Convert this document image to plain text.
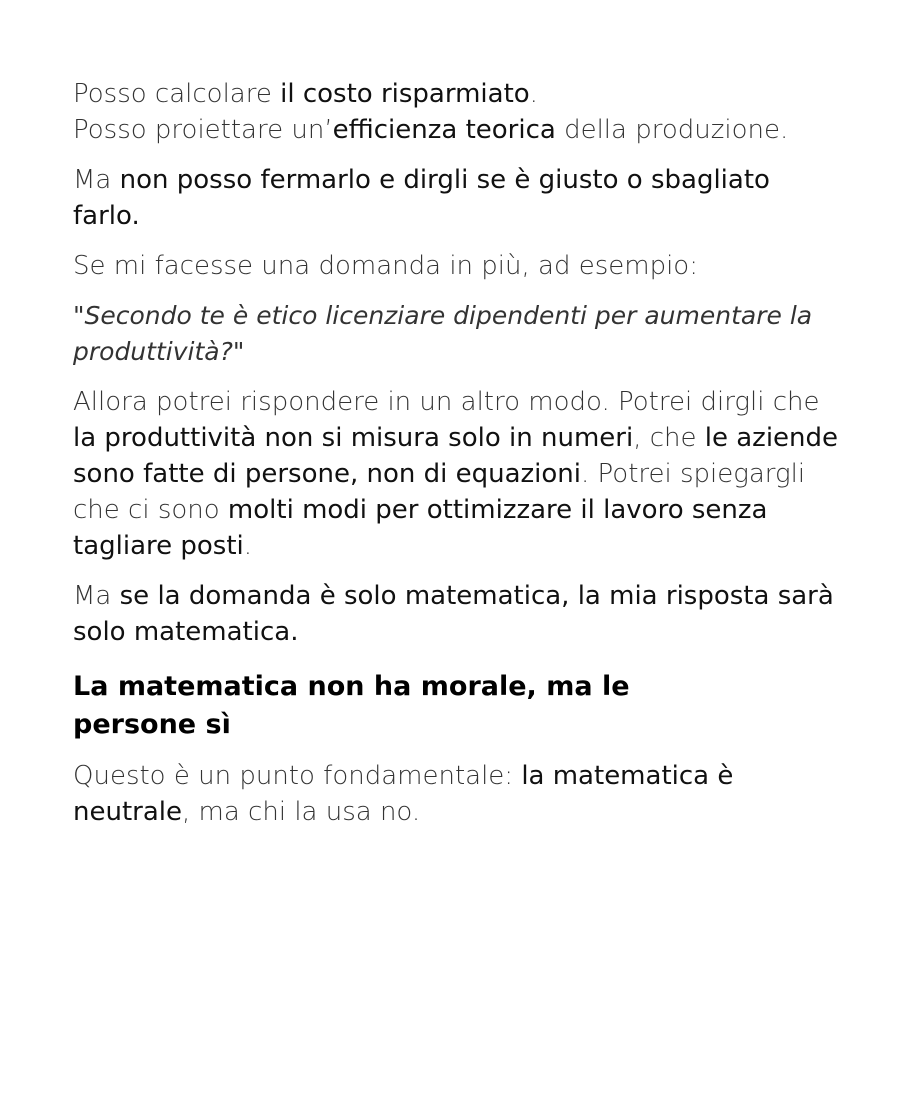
Posso calcolare il costo risparmiato.
Posso proiettare un’efficienza teorica della produzione.

Ma non posso fermarlo e dirgli se è giusto o sbagliato farlo.

Se mi facesse una domanda in più, ad esempio:

"Secondo te è etico licenziare dipendenti per aumentare la produttività?"

Allora potrei rispondere in un altro modo. Potrei dirgli che la produttività non si misura solo in numeri, che le aziende sono fatte di persone, non di equazioni. Potrei spiegargli che ci sono molti modi per ottimizzare il lavoro senza tagliare posti.

Ma se la domanda è solo matematica, la mia risposta sarà solo matematica.

La matematica non ha morale, ma le persone sì

Questo è un punto fondamentale: la matematica è neutrale, ma chi la usa no.
